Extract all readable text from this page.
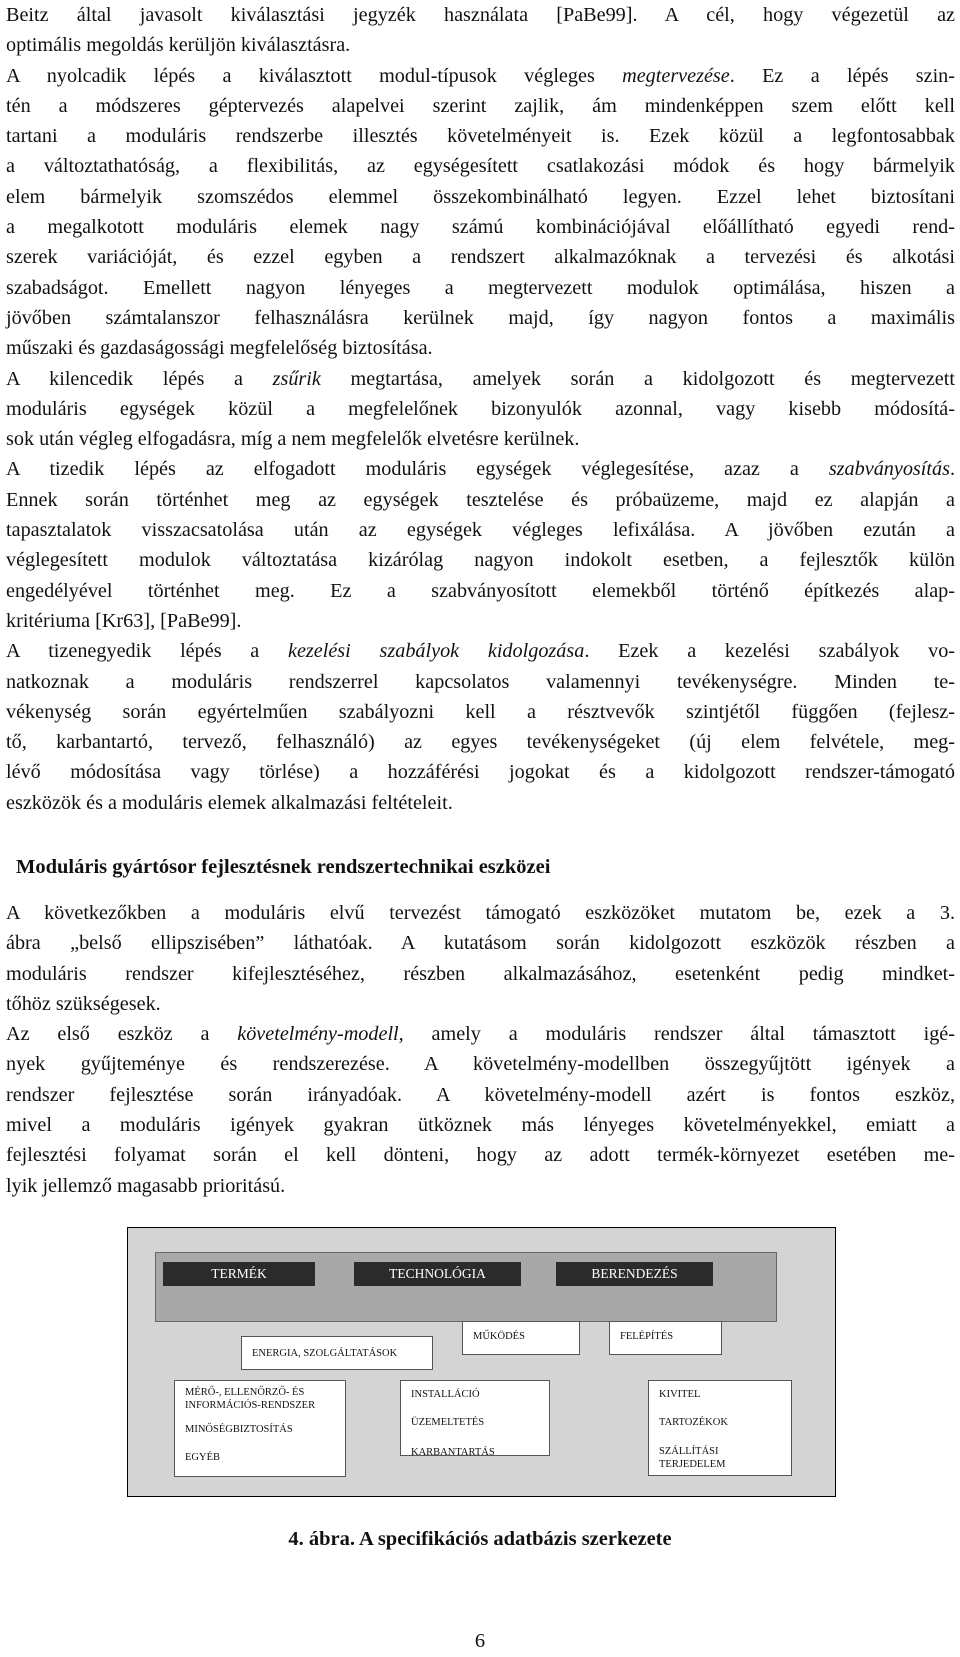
Beitz által javasolt kiválasztási jegyzék használata [PaBe99]. A cél, hogy végezetül az
optimális megoldás kerüljön kiválasztásra.

A nyolcadik lépés a kiválasztott modul-típusok végleges megtervezése. Ez a lépés szin-
tén a módszeres géptervezés alapelvei szerint zajlik, ám mindenképpen szem előtt kell
tartani a moduláris rendszerbe illesztés követelményeit is. Ezek közül a legfontosabbak
a változtathatóság, a flexibilitás, az egységesített csatlakozási módok és hogy bármelyik
elem bármelyik szomszédos elemmel összekombinálható legyen. Ezzel lehet biztosítani
a megalkotott moduláris elemek nagy számú kombinációjával előállítható egyedi rend-
szerek variációját, és ezzel egyben a rendszert alkalmazóknak a tervezési és alkotási
szabadságot. Emellett nagyon lényeges a megtervezett modulok optimálása, hiszen a
jövőben számtalanszor felhasználásra kerülnek majd, így nagyon fontos a maximális
műszaki és gazdaságossági megfelelőség biztosítása.

A kilencedik lépés a zsűrik megtartása, amelyek során a kidolgozott és megtervezett
moduláris egységek közül a megfelelőnek bizonyulók azonnal, vagy kisebb módosítá-
sok után végleg elfogadásra, míg a nem megfelelők elvetésre kerülnek.

A tizedik lépés az elfogadott moduláris egységek véglegesítése, azaz a szabványosítás.
Ennek során történhet meg az egységek tesztelése és próbaüzeme, majd ez alapján a
tapasztalatok visszacsatolása után az egységek végleges lefixálása. A jövőben ezután a
véglegesített modulok változtatása kizárólag nagyon indokolt esetben, a fejlesztők külön
engedélyével történhet meg. Ez a szabványosított elemekből történő építkezés alap-
kritériuma [Kr63], [PaBe99].

A tizenegyedik lépés a kezelési szabályok kidolgozása. Ezek a kezelési szabályok vo-
natkoznak a moduláris rendszerrel kapcsolatos valamennyi tevékenységre. Minden te-
vékenység során egyértelműen szabályozni kell a résztvevők szintjétől függően (fejlesz-
tő, karbantartó, tervező, felhasználó) az egyes tevékenységeket (új elem felvétele, meg-
lévő módosítása vagy törlése) a hozzáférési jogokat és a kidolgozott rendszer-támogató
eszközök és a moduláris elemek alkalmazási feltételeit.

Moduláris gyártósor fejlesztésnek rendszertechnikai eszközei

A következőkben a moduláris elvű tervezést támogató eszközöket mutatom be, ezek a 3.
ábra „belső ellipszisében” láthatóak. A kutatásom során kidolgozott eszközök részben a
moduláris rendszer kifejlesztéséhez, részben alkalmazásához, esetenként pedig mindket-
tőhöz szükségesek.

Az első eszköz a követelmény-modell, amely a moduláris rendszer által támasztott igé-
nyek gyűjteménye és rendszerezése. A követelmény-modellben összegyűjtött igények a
rendszer fejlesztése során irányadóak. A követelmény-modell azért is fontos eszköz,
mivel a moduláris igények gyakran ütköznek más lényeges követelményekkel, emiatt a
fejlesztési folyamat során el kell dönteni, hogy az adott termék-környezet esetében me-
lyik jellemző magasabb prioritású.

TERMÉK	TECHNOLÓGIA	BERENDEZÉS
MŰKÖDÉS	FELÉPÍTÉS
ENERGIA, SZOLGÁLTATÁSOK
MÉRŐ-, ELLENŐRZŐ- ÉS INFORMÁCIÓS-RENDSZER
MINŐSÉGBIZTOSÍTÁS
EGYÉB
INSTALLÁCIÓ
ÜZEMELTETÉS
KARBANTARTÁS
KIVITEL
TARTOZÉKOK
SZÁLLÍTÁSI TERJEDELEM

4. ábra. A specifikációs adatbázis szerkezete

6
